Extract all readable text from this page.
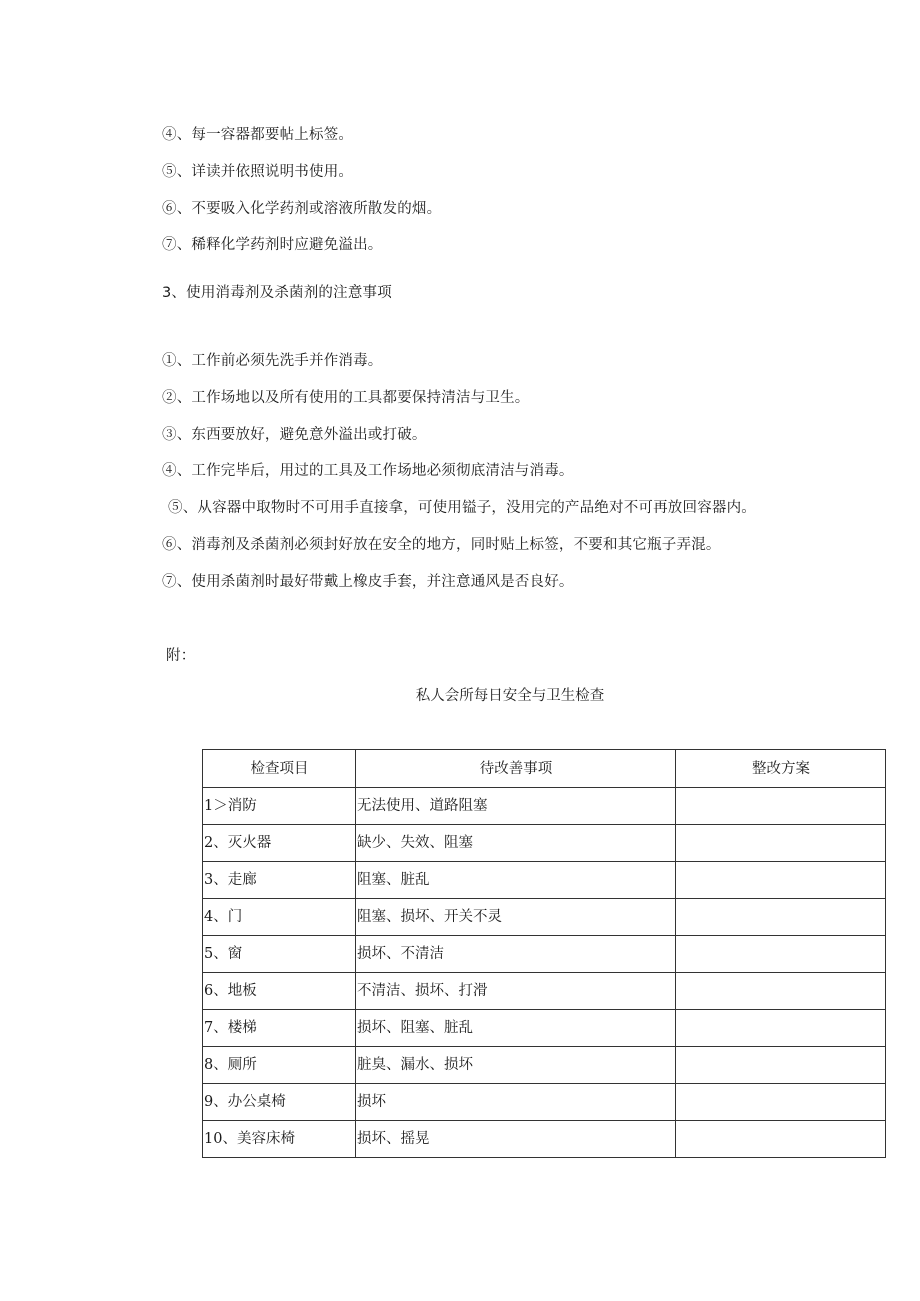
④、每一容器都要帖上标签。
⑤、详读并依照说明书使用。
⑥、不要吸入化学药剂或溶液所散发的烟。
⑦、稀释化学药剂时应避免溢出。
3、使用消毒剂及杀菌剂的注意事项
①、工作前必须先洗手并作消毒。
②、工作场地以及所有使用的工具都要保持清洁与卫生。
③、东西要放好，避免意外溢出或打破。
④、工作完毕后，用过的工具及工作场地必须彻底清洁与消毒。
⑤、从容器中取物时不可用手直接拿，可使用镒子，没用完的产品绝对不可再放回容器内。
⑥、消毒剂及杀菌剂必须封好放在安全的地方，同时贴上标签，不要和其它瓶子弄混。
⑦、使用杀菌剂时最好带戴上橡皮手套，并注意通风是否良好。
附：
私人会所每日安全与卫生检查
检查项目	待改善事项	整改方案
1＞消防	无法使用、道路阻塞	
2、灭火器	缺少、失效、阻塞	
3、走廊	阻塞、脏乱	
4、门	阻塞、损坏、开关不灵	
5、窗	损坏、不清洁	
6、地板	不清洁、损坏、打滑	
7、楼梯	损坏、阻塞、脏乱	
8、厕所	脏臭、漏水、损坏	
9、办公桌椅	损坏	
10、美容床椅	损坏、摇晃	
